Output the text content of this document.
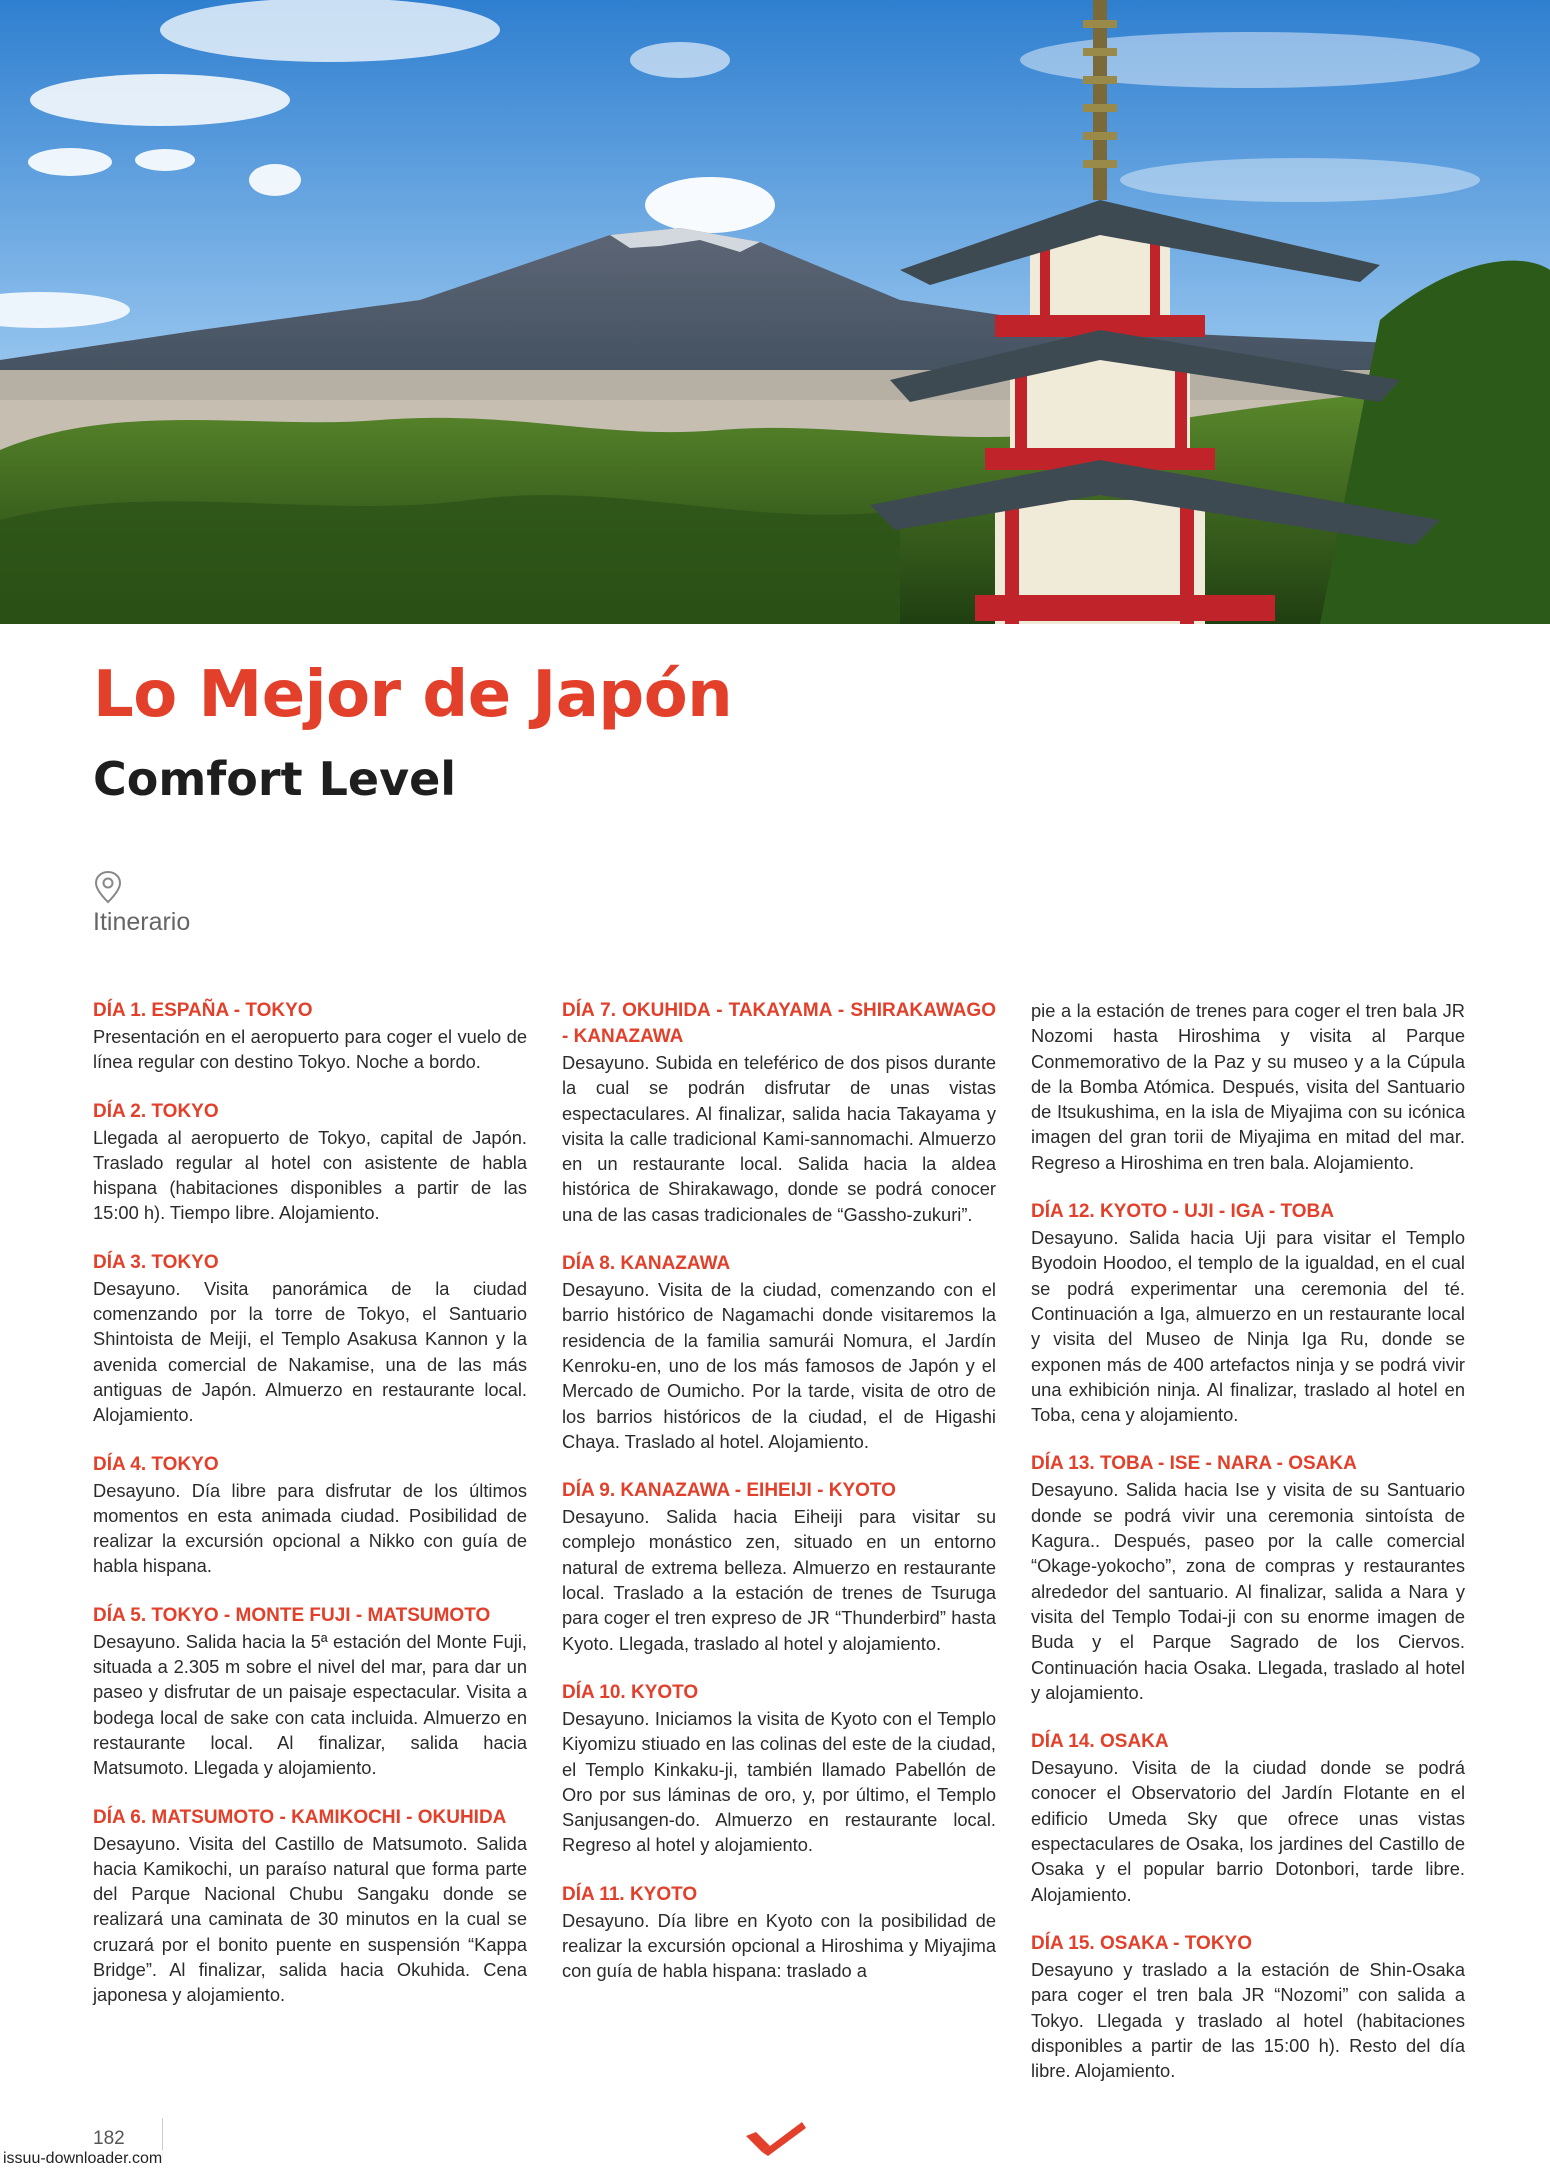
Lo Mejor de Japón
Comfort Level
Itinerario
DÍA 1. ESPAÑA - TOKYO

Presentación en el aeropuerto para coger el vuelo de línea regular con destino Tokyo. Noche a bordo.

DÍA 2. TOKYO

Llegada al aeropuerto de Tokyo, capital de Japón. Traslado regular al hotel con asistente de habla hispana (habitaciones disponibles a partir de las 15:00 h). Tiempo libre. Alojamiento.

DÍA 3. TOKYO

Desayuno. Visita panorámica de la ciudad comenzando por la torre de Tokyo, el Santuario Shintoista de Meiji, el Templo Asakusa Kannon y la avenida comercial de Nakamise, una de las más antiguas de Japón. Almuerzo en restaurante local. Alojamiento.

DÍA 4. TOKYO

Desayuno. Día libre para disfrutar de los últimos momentos en esta animada ciudad. Posibilidad de realizar la excursión opcional a Nikko con guía de habla hispana.

DÍA 5. TOKYO - MONTE FUJI - MATSUMOTO

Desayuno. Salida hacia la 5ª estación del Monte Fuji, situada a 2.305 m sobre el nivel del mar, para dar un paseo y disfrutar de un paisaje espectacular. Visita a bodega local de sake con cata incluida. Almuerzo en restaurante local. Al finalizar, salida hacia Matsumoto. Llegada y alojamiento.

DÍA 6. MATSUMOTO - KAMIKOCHI - OKUHIDA

Desayuno. Visita del Castillo de Matsumoto. Salida hacia Kamikochi, un paraíso natural que forma parte del Parque Nacional Chubu Sangaku donde se realizará una caminata de 30 minutos en la cual se cruzará por el bonito puente en suspensión “Kappa Bridge”. Al finalizar, salida hacia Okuhida. Cena japonesa y alojamiento.

DÍA 7. OKUHIDA - TAKAYAMA - SHIRAKAWAGO - KANAZAWA

Desayuno. Subida en teleférico de dos pisos durante la cual se podrán disfrutar de unas vistas espectaculares. Al finalizar, salida hacia Takayama y visita la calle tradicional Kami-sannomachi. Almuerzo en un restaurante local. Salida hacia la aldea histórica de Shirakawago, donde se podrá conocer una de las casas tradicionales de “Gassho-zukuri”.

DÍA 8. KANAZAWA

Desayuno. Visita de la ciudad, comenzando con el barrio histórico de Nagamachi donde visitaremos la residencia de la familia samurái Nomura, el Jardín Kenroku-en, uno de los más famosos de Japón y el Mercado de Oumicho. Por la tarde, visita de otro de los barrios históricos de la ciudad, el de Higashi Chaya. Traslado al hotel. Alojamiento.

DÍA 9. KANAZAWA - EIHEIJI - KYOTO

Desayuno. Salida hacia Eiheiji para visitar su complejo monástico zen, situado en un entorno natural de extrema belleza. Almuerzo en restaurante local. Traslado a la estación de trenes de Tsuruga para coger el tren expreso de JR “Thunderbird” hasta Kyoto. Llegada, traslado al hotel y alojamiento.

DÍA 10. KYOTO

Desayuno. Iniciamos la visita de Kyoto con el Templo Kiyomizu stiuado en las colinas del este de la ciudad, el Templo Kinkaku-ji, también llamado Pabellón de Oro por sus láminas de oro, y, por último, el Templo Sanjusangen-do. Almuerzo en restaurante local. Regreso al hotel y alojamiento.

DÍA 11. KYOTO

Desayuno. Día libre en Kyoto con la posibilidad de realizar la excursión opcional a Hiroshima y Miyajima con guía de habla hispana: traslado a

pie a la estación de trenes para coger el tren bala JR Nozomi hasta Hiroshima y visita al Parque Conmemorativo de la Paz y su museo y a la Cúpula de la Bomba Atómica. Después, visita del Santuario de Itsukushima, en la isla de Miyajima con su icónica imagen del gran torii de Miyajima en mitad del mar. Regreso a Hiroshima en tren bala. Alojamiento.

DÍA 12. KYOTO - UJI - IGA - TOBA

Desayuno. Salida hacia Uji para visitar el Templo Byodoin Hoodoo, el templo de la igualdad, en el cual se podrá experimentar una ceremonia del té. Continuación a Iga, almuerzo en un restaurante local y visita del Museo de Ninja Iga Ru, donde se exponen más de 400 artefactos ninja y se podrá vivir una exhibición ninja. Al finalizar, traslado al hotel en Toba, cena y alojamiento.

DÍA 13. TOBA - ISE - NARA - OSAKA

Desayuno. Salida hacia Ise y visita de su Santuario donde se podrá vivir una ceremonia sintoísta de Kagura.. Después, paseo por la calle comercial “Okage-yokocho”, zona de compras y restaurantes alrededor del santuario. Al finalizar, salida a Nara y visita del Templo Todai-ji con su enorme imagen de Buda y el Parque Sagrado de los Ciervos. Continuación hacia Osaka. Llegada, traslado al hotel y alojamiento.

DÍA 14. OSAKA

Desayuno. Visita de la ciudad donde se podrá conocer el Observatorio del Jardín Flotante en el edificio Umeda Sky que ofrece unas vistas espectaculares de Osaka, los jardines del Castillo de Osaka y el popular barrio Dotonbori, tarde libre. Alojamiento.

DÍA 15. OSAKA - TOKYO

Desayuno y traslado a la estación de Shin-Osaka para coger el tren bala JR “Nozomi” con salida a Tokyo. Llegada y traslado al hotel (habitaciones disponibles a partir de las 15:00 h). Resto del día libre. Alojamiento.

182
issuu-downloader.com
